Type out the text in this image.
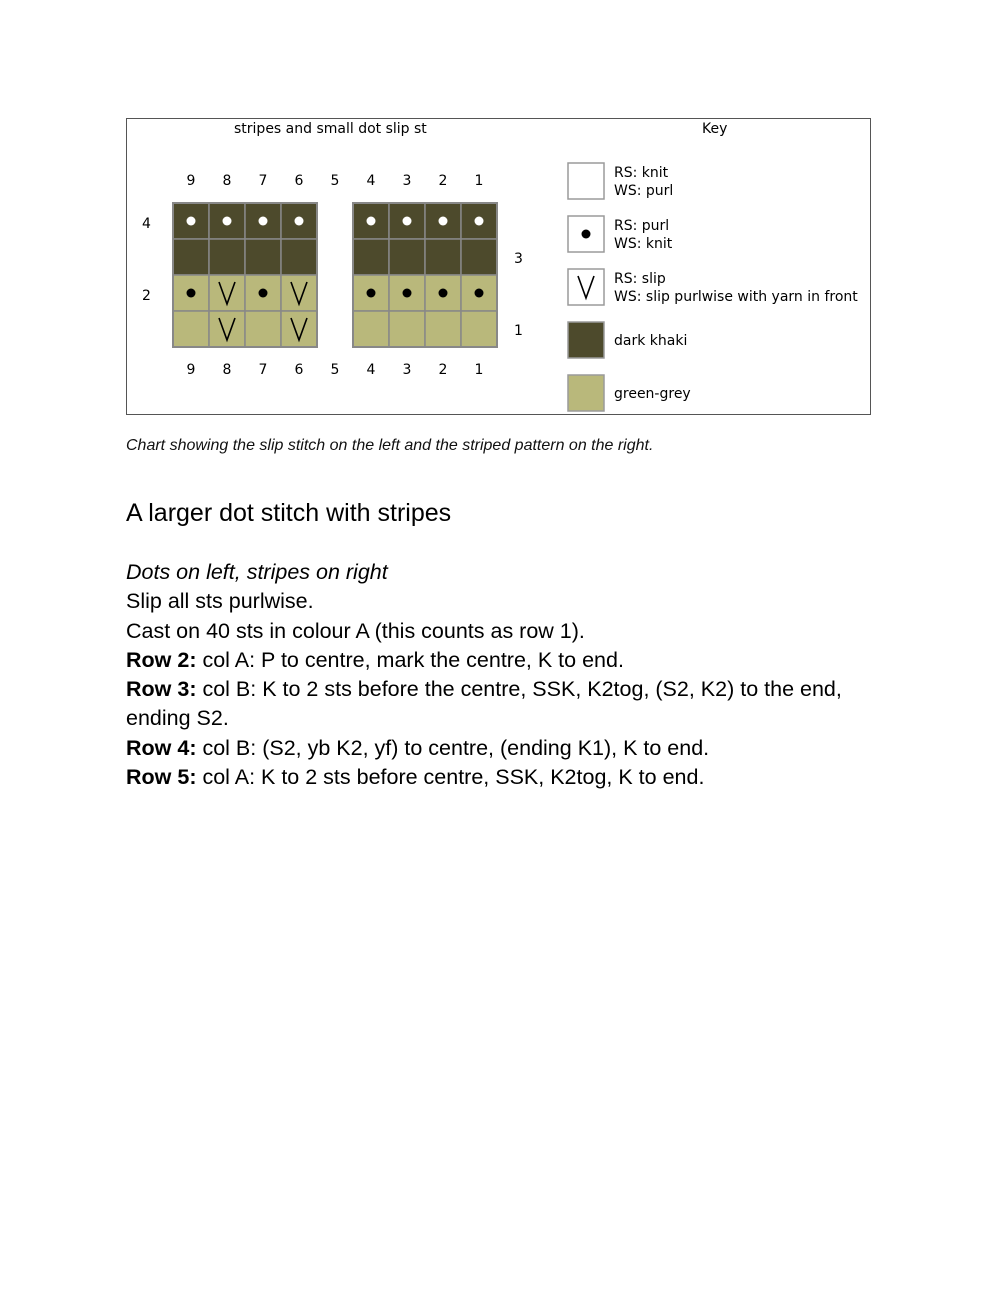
stripes and small dot slip st	Key
9 8 7 6 5 4 3 2 1
9 8 7 6 5 4 3 2 1
4
3
2
1
RS: knit
WS: purl
RS: purl
WS: knit
RS: slip
WS: slip purlwise with yarn in front
dark khaki
green-grey
Chart showing the slip stitch on the left and the striped pattern on the right.
A larger dot stitch with stripes

Dots on left, stripes on right

Slip all sts purlwise.

Cast on 40 sts in colour A (this counts as row 1).

Row 2: col A: P to centre, mark the centre, K to end.

Row 3: col B: K to 2 sts before the centre, SSK, K2tog, (S2, K2) to the end, ending S2.

Row 4: col B: (S2, yb K2, yf) to centre, (ending K1), K to end.

Row 5: col A: K to 2 sts before centre, SSK, K2tog, K to end.
